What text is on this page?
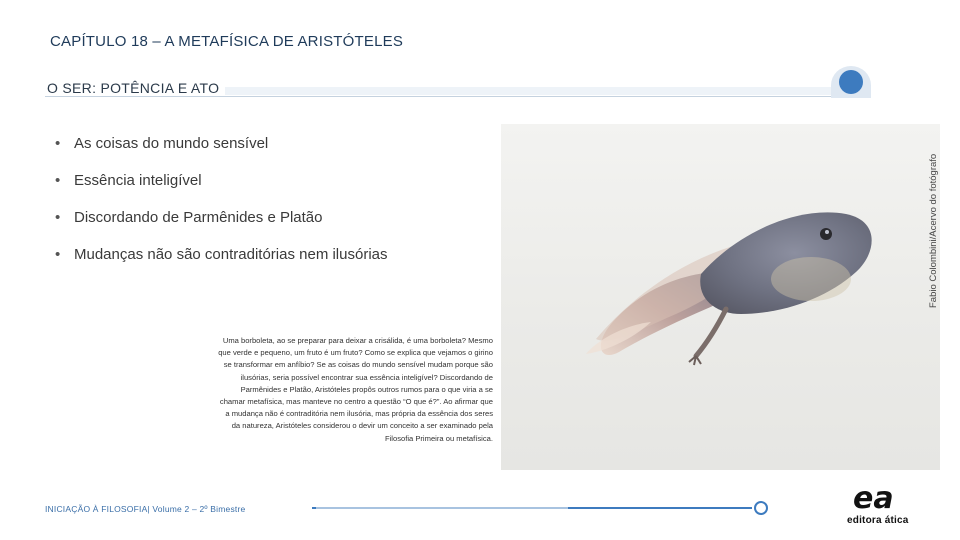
CAPÍTULO 18 – A METAFÍSICA DE ARISTÓTELES
O SER: POTÊNCIA E ATO
• As coisas do mundo sensível
• Essência inteligível
• Discordando de Parmênides e Platão
• Mudanças não são contraditórias nem ilusórias	Fabio Colombini/Acervo do fotógrafo
Uma borboleta, ao se preparar para deixar a crisálida, é uma borboleta? Mesmo que verde e pequeno, um fruto é um fruto? Como se explica que vejamos o girino se transformar em anfíbio? Se as coisas do mundo sensível mudam porque são ilusórias, seria possível encontrar sua essência inteligível? Discordando de Parmênides e Platão, Aristóteles propôs outros rumos para o que viria a se chamar metafísica, mas manteve no centro a questão “O que é?”. Ao afirmar que a mudança não é contraditória nem ilusória, mas própria da essência dos seres da natureza, Aristóteles considerou o devir um conceito a ser examinado pela Filosofia Primeira ou metafísica.
INICIAÇÃO À FILOSOFIA| Volume 2 – 2º Bimestre	ea
editora ática
